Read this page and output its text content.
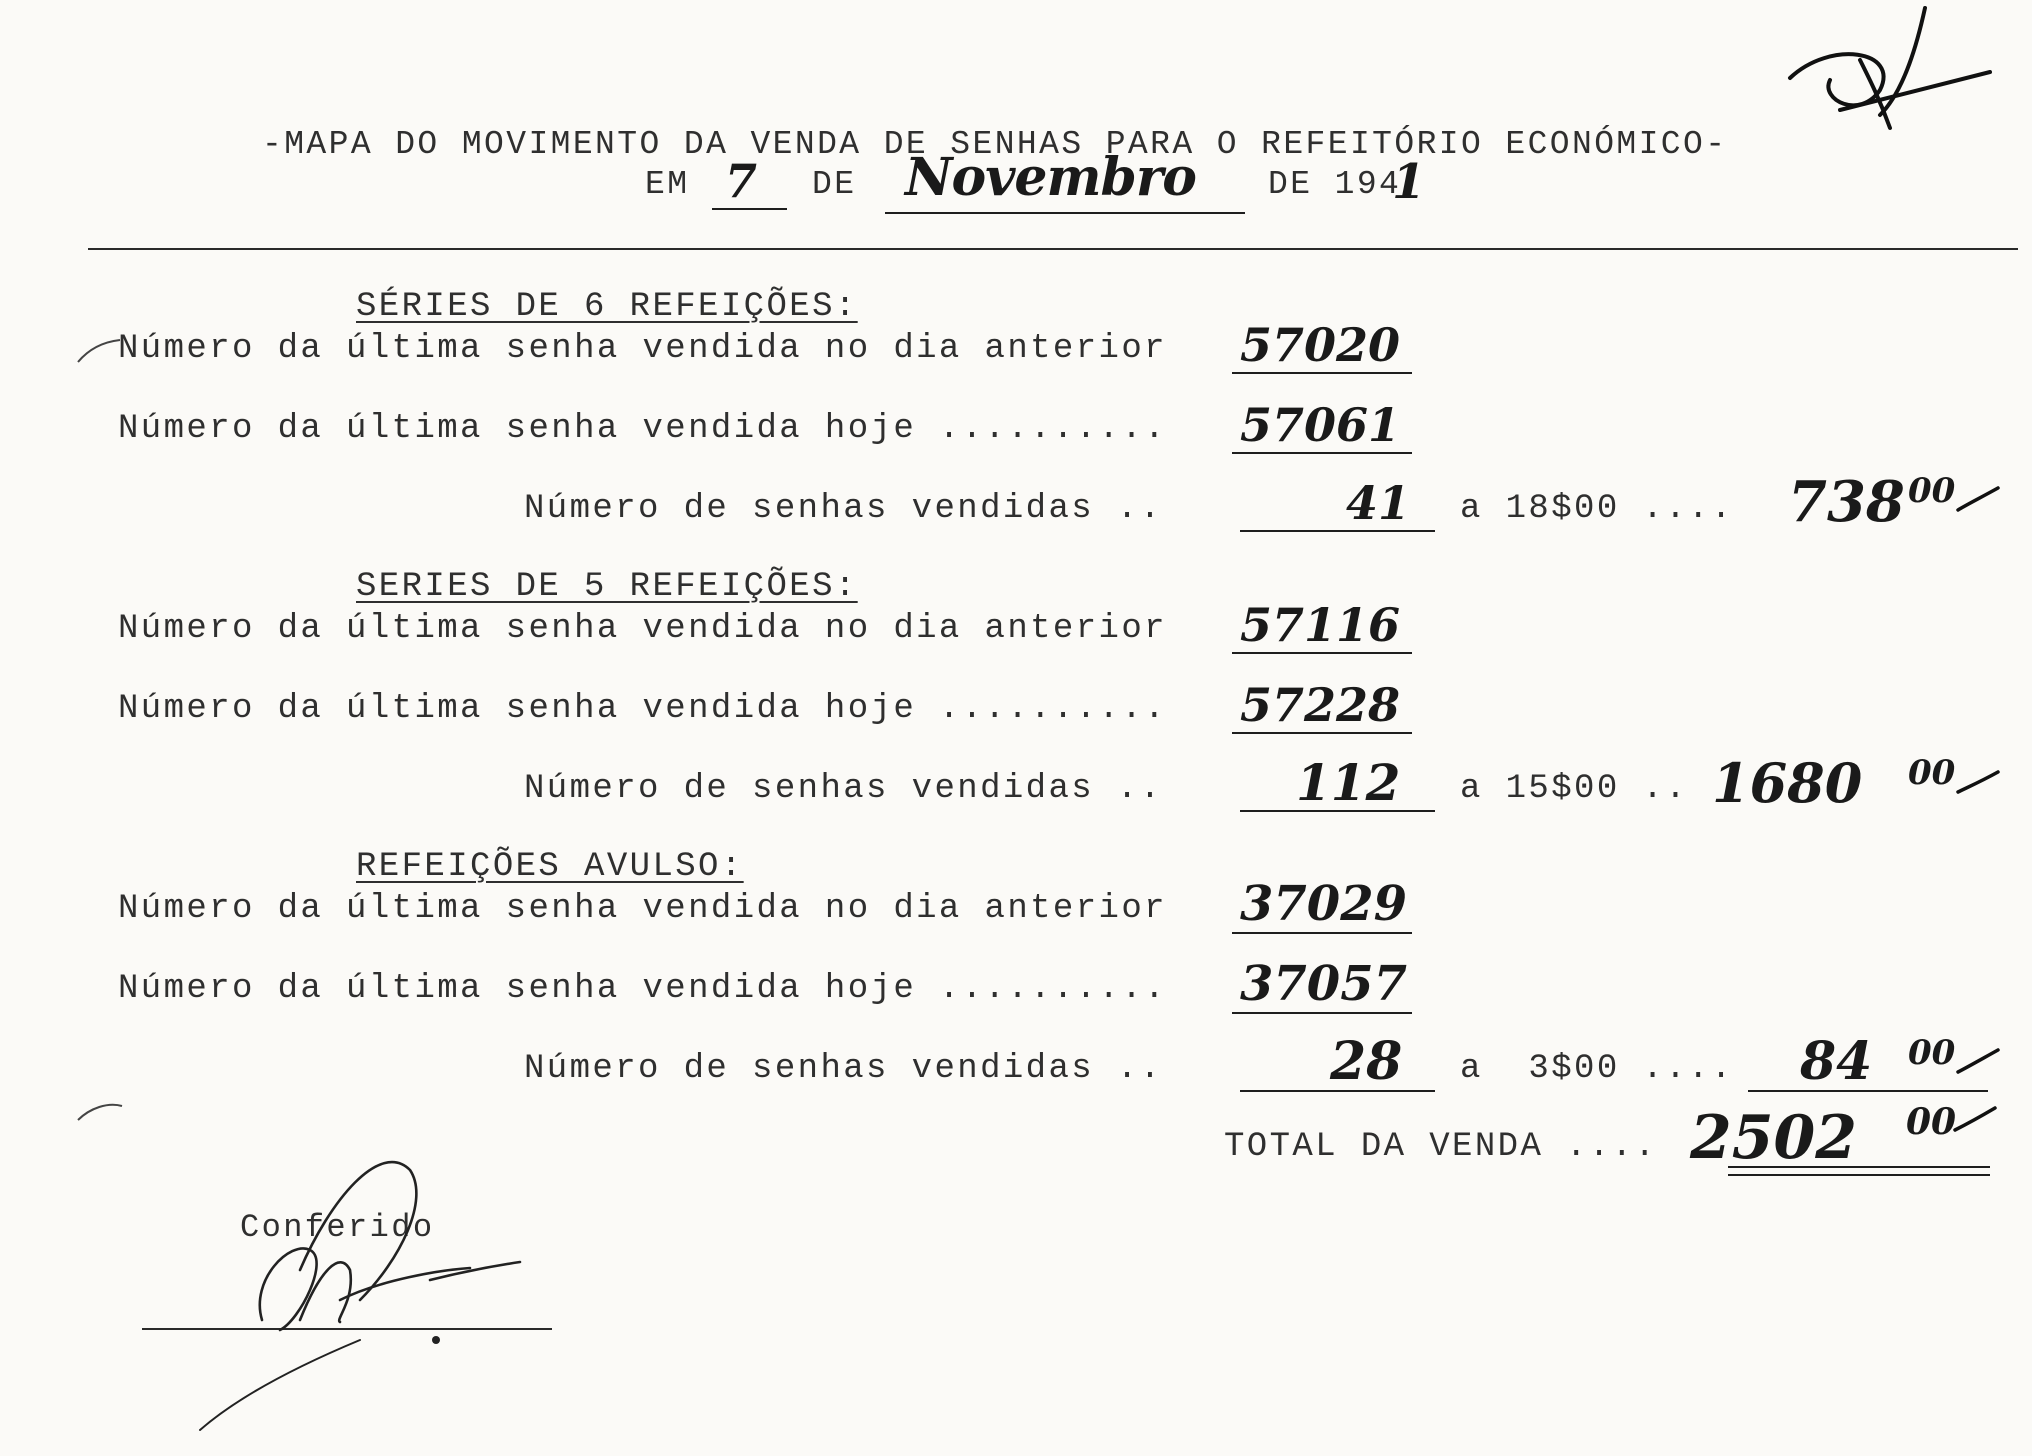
-MAPA DO MOVIMENTO DA VENDA DE SENHAS PARA O REFEITÓRIO ECONÓMICO-
EM 7 DE Novembro DE 194
1
SÉRIES DE 6 REFEIÇÕES:
Número da última senha vendida no dia anterior 57020
Número da última senha vendida hoje .......... 57061
Número de senhas vendidas ..	41 a 18$00 .... 738 00
SERIES DE 5 REFEIÇÕES:
Número da última senha vendida no dia anterior 57116
Número da última senha vendida hoje .......... 57228
Número de senhas vendidas ..	112 a 15$00 .. 1680 00
REFEIÇÕES AVULSO:
Número da última senha vendida no dia anterior 37029
Número da última senha vendida hoje .......... 37057
Número de senhas vendidas ..	28 a  3$00 .... 84 00
TOTAL DA VENDA .... 2502 00
Conferido
